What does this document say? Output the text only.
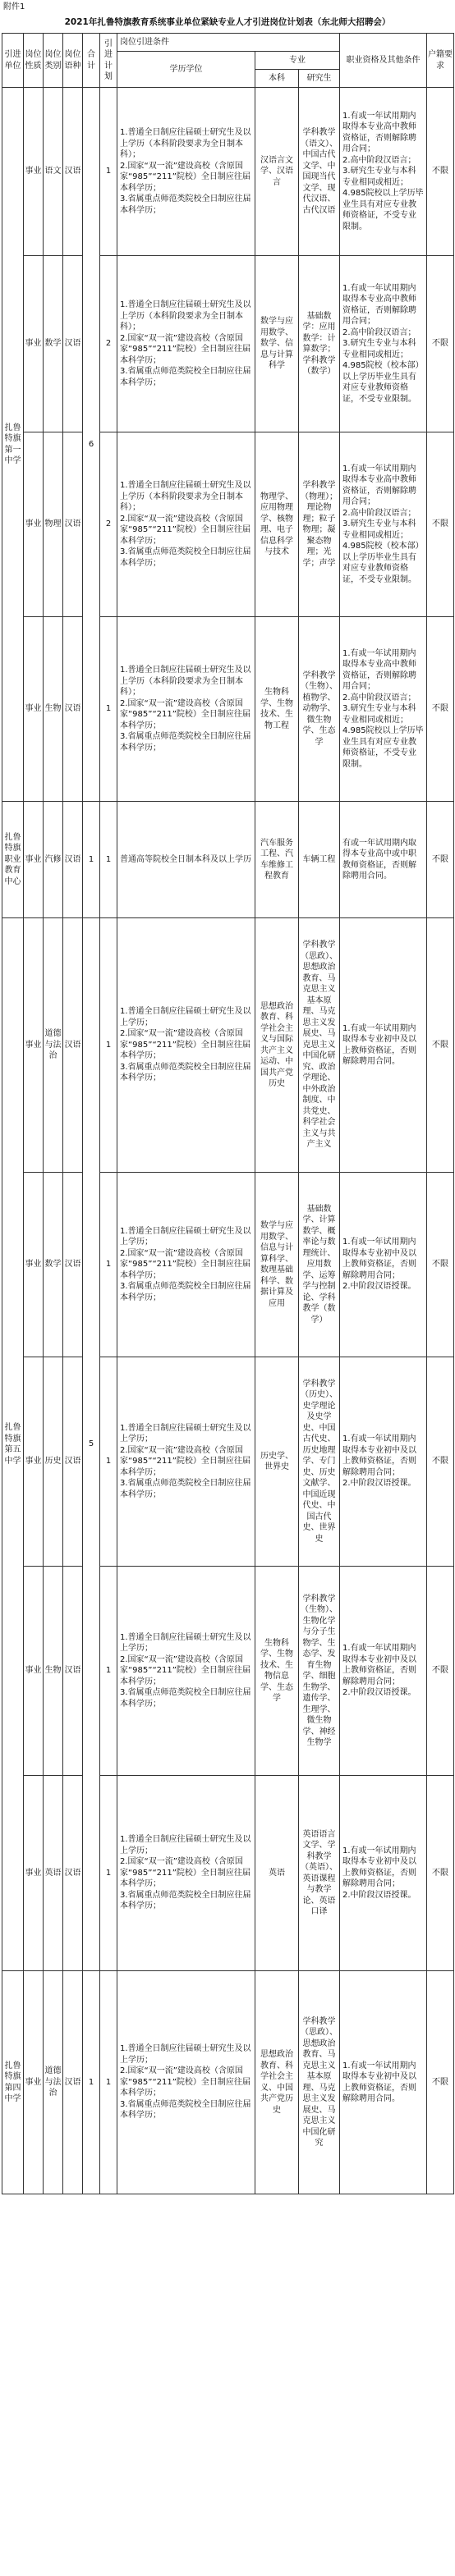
附件1
2021年扎鲁特旗教育系统事业单位紧缺专业人才引进岗位计划表（东北师大招聘会）
引进单位	岗位性质	岗位类别	岗位语种	合计	引进计划	岗位引进条件			职业资格及其他条件	户籍要求
						学历学位	专业			
							本科	研究生		
扎鲁特旗第一中学	事业	语文	汉语	6	1	1.普通全日制应往届硕士研究生及以上学历（本科阶段要求为全日制本科）；
2.国家“双一流”建设高校（含原国家“985”“211”院校）全日制应往届本科学历；
3.省属重点师范类院校全日制应往届本科学历；	汉语言文学、汉语言	学科教学（语文）、中国古代文学、中国现当代文学、现代汉语、古代汉语	1.有或一年试用期内取得本专业高中教师资格证，否则解除聘用合同；
2.高中阶段汉语言；
3.研究生专业与本科专业相同或相近；
4.985院校以上学历毕业生具有对应专业教师资格证，不受专业限制。	不限
	事业	数学	汉语		2	1.普通全日制应往届硕士研究生及以上学历（本科阶段要求为全日制本科）；
2.国家“双一流”建设高校（含原国家“985”“211”院校）全日制应往届本科学历；
3.省属重点师范类院校全日制应往届本科学历；	数学与应用数学、数学、信息与计算科学	基础数学：应用数学：计算数学；学科教学（数学）	1.有或一年试用期内取得本专业高中教师资格证，否则解除聘用合同；
2.高中阶段汉语言；
3.研究生专业与本科专业相同或相近；
4.985院校（校本部）以上学历毕业生具有对应专业教师资格证，不受专业限制。	不限
	事业	物理	汉语		2	1.普通全日制应往届硕士研究生及以上学历（本科阶段要求为全日制本科）；
2.国家“双一流”建设高校（含原国家“985”“211”院校）全日制应往届本科学历；
3.省属重点师范类院校全日制应往届本科学历；	物理学、应用物理学、核物理、电子信息科学与技术	学科教学（物理）；理论物理；粒子物理；凝聚态物理；光学；声学	1.有或一年试用期内取得本专业高中教师资格证，否则解除聘用合同；
2.高中阶段汉语言；
3.研究生专业与本科专业相同或相近；
4.985院校（校本部）以上学历毕业生具有对应专业教师资格证，不受专业限制。	不限
	事业	生物	汉语		1	1.普通全日制应往届硕士研究生及以上学历（本科阶段要求为全日制本科）；
2.国家“双一流”建设高校（含原国家“985”“211”院校）全日制应往届本科学历；
3.省属重点师范类院校全日制应往届本科学历；	生物科学、生物技术、生物工程	学科教学（生物）、植物学、动物学、微生物学、生态学	1.有或一年试用期内取得本专业高中教师资格证，否则解除聘用合同；
2.高中阶段汉语言；
3.研究生专业与本科专业相同或相近；
4.985院校以上学历毕业生具有对应专业教师资格证，不受专业限制。	不限
扎鲁特旗职业教育中心	事业	汽修	汉语	1	1	普通高等院校全日制本科及以上学历	汽车服务工程、汽车维修工程教育	车辆工程	有或一年试用期内取得本专业高中或中职教师资格证，否则解除聘用合同。	不限
扎鲁特旗第五中学	事业	道德与法治	汉语	5	1	1.普通全日制应往届硕士研究生及以上学历；
2.国家“双一流”建设高校（含原国家“985”“211”院校）全日制应往届本科学历；
3.省属重点师范类院校全日制应往届本科学历；	思想政治教育、科学社会主义与国际共产主义运动、中国共产党历史	学科教学（思政）、思想政治教育、马克思主义基本原理、马克思主义发展史、马克思主义中国化研究、政治学理论、中外政治制度、中共党史、科学社会主义与共产主义	1.有或一年试用期内取得本专业初中及以上教师资格证，否则解除聘用合同。	不限
	事业	数学	汉语		1	1.普通全日制应往届硕士研究生及以上学历；
2.国家“双一流”建设高校（含原国家“985”“211”院校）全日制应往届本科学历；
3.省属重点师范类院校全日制应往届本科学历；	数学与应用数学、信息与计算科学、数理基础科学、数据计算及应用	基础数学、计算数学、概率论与数理统计、应用数学、运筹学与控制论、学科教学（数学）	1.有或一年试用期内取得本专业初中及以上教师资格证，否则解除聘用合同；
2.中阶段汉语授课。	不限
	事业	历史	汉语		1	1.普通全日制应往届硕士研究生及以上学历；
2.国家“双一流”建设高校（含原国家“985”“211”院校）全日制应往届本科学历；
3.省属重点师范类院校全日制应往届本科学历；	历史学、世界史	学科教学（历史）、史学理论及史学史、中国古代史、历史地理学、专门史、历史文献学、中国近现代史、中国古代史、世界史	1.有或一年试用期内取得本专业初中及以上教师资格证，否则解除聘用合同；
2.中阶段汉语授课。	不限
	事业	生物	汉语		1	1.普通全日制应往届硕士研究生及以上学历；
2.国家“双一流”建设高校（含原国家“985”“211”院校）全日制应往届本科学历；
3.省属重点师范类院校全日制应往届本科学历；	生物科学、生物技术、生物信息学、生态学	学科教学（生物）、生物化学与分子生物学、生态学、发育生物学、细胞生物学、遗传学、生理学、微生物学、神经生物学	1.有或一年试用期内取得本专业初中及以上教师资格证，否则解除聘用合同；
2.中阶段汉语授课。	不限
	事业	英语	汉语		1	1.普通全日制应往届硕士研究生及以上学历；
2.国家“双一流”建设高校（含原国家“985”“211”院校）全日制应往届本科学历；
3.省属重点师范类院校全日制应往届本科学历；	英语	英语语言文学、学科教学（英语）、英语课程与教学论、英语口译	1.有或一年试用期内取得本专业初中及以上教师资格证，否则解除聘用合同；
2.中阶段汉语授课。	不限
扎鲁特旗第四中学	事业	道德与法治	汉语	1	1	1.普通全日制应往届硕士研究生及以上学历；
2.国家“双一流”建设高校（含原国家“985”“211”院校）全日制应往届本科学历；
3.省属重点师范类院校全日制应往届本科学历；	思想政治教育、科学社会主义、中国共产党历史	学科教学（思政）、思想政治教育、马克思主义基本原理、马克思主义发展史、马克思主义中国化研究	1.有或一年试用期内取得本专业初中及以上教师资格证，否则解除聘用合同。	不限
